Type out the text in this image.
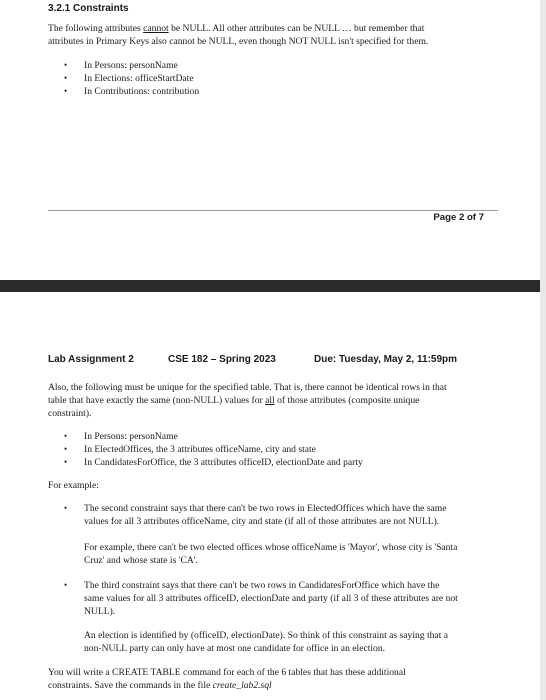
3.2.1 Constraints

The following attributes cannot be NULL. All other attributes can be NULL … but remember that

attributes in Primary Keys also cannot be NULL, even though NOT NULL isn't specified for them.

• In Persons: personName
• In Elections: officeStartDate
• In Contributions: contribution
Page 2 of 7
Lab Assignment 2	CSE 182 – Spring 2023	Due: Tuesday, May 2, 11:59pm

Also, the following must be unique for the specified table. That is, there cannot be identical rows in that

table that have exactly the same (non-NULL) values for all of those attributes (composite unique

constraint).

• In Persons: personName
• In ElectedOffices, the 3 attributes officeName, city and state
• In CandidatesForOffice, the 3 attributes officeID, electionDate and party

For example:

• The second constraint says that there can't be two rows in ElectedOffices which have the same
values for all 3 attributes officeName, city and state (if all of those attributes are not NULL).

For example, there can't be two elected offices whose officeName is 'Mayor', whose city is 'Santa

Cruz' and whose state is 'CA'.

• The third constraint says that there can't be two rows in CandidatesForOffice which have the
same values for all 3 attributes officeID, electionDate and party (if all 3 of these attributes are not
NULL).

An election is identified by (officeID, electionDate). So think of this constraint as saying that a

non-NULL party can only have at most one candidate for office in an election.

You will write a CREATE TABLE command for each of the 6 tables that has these additional

constraints. Save the commands in the file create_lab2.sql
